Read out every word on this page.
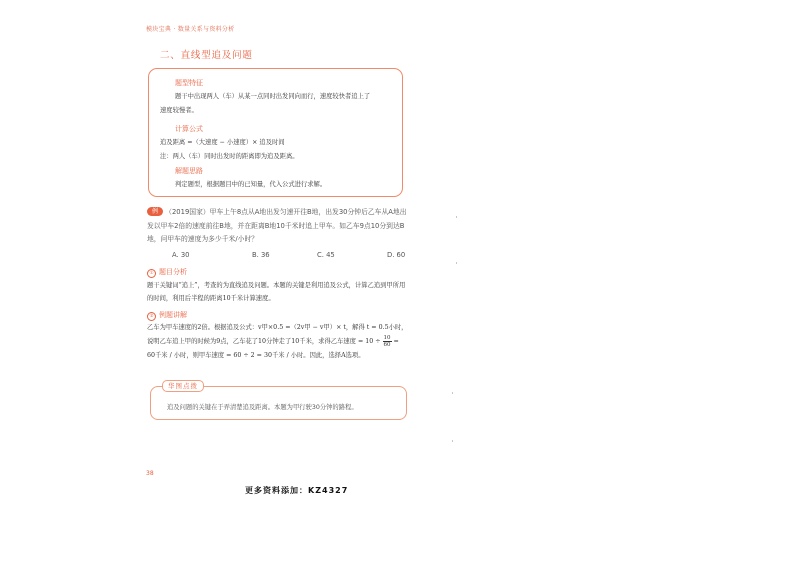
模块宝典 · 数量关系与资料分析
二、直线型追及问题
题型特征
题干中出现两人（车）从某一点同时出发同向而行，速度较快者追上了
速度较慢者。
计算公式
追及距离 =（大速度 − 小速度）× 追及时间
注：两人（车）同时出发时的距离即为追及距离。
解题思路
判定题型，根据题目中的已知量，代入公式进行求解。
例 （2019国家）甲车上午8点从A地出发匀速开往B地，出发30分钟后乙车从A地出发以甲车2倍的速度前往B地，并在距离B地10千米时追上甲车。如乙车9点10分到达B地，问甲车的速度为多少千米/小时？
A. 30	B. 36	C. 45	D. 60
① 题目分析
题干关键词“追上”，考查的为直线追及问题。本题的关键是利用追及公式，计算乙追到甲所用的时间，利用后半程的距离10千米计算速度。
② 例题讲解
乙车为甲车速度的2倍。根据追及公式：v甲×0.5 =（2v甲 − v甲）× t，解得 t = 0.5小时，
说明乙车追上甲的时候为9点，乙车花了10分钟走了10千米，求得乙车速度 = $10 \div \frac{10}{60}$ =
60千米 / 小时，则甲车速度 = 60 ÷ 2 = 30千米 / 小时。因此，选择A选项。
华图点拨
追及问题的关键在于弄清楚追及距离。本题为甲行驶30分钟的路程。
38
更多资料添加：KZ4327
